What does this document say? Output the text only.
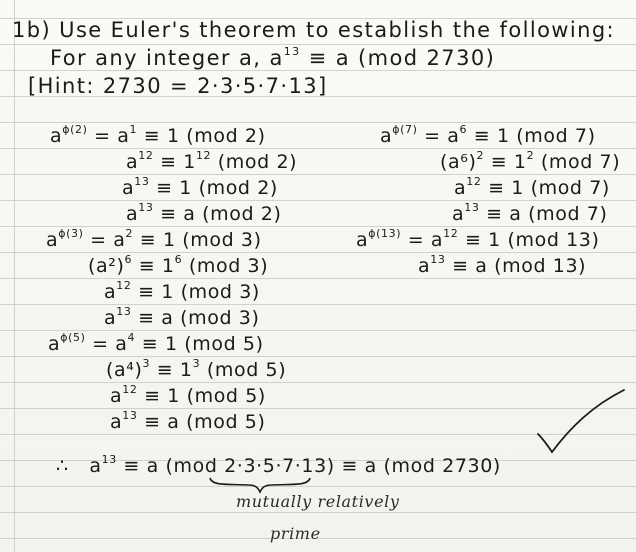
1b) Use Euler's theorem to establish the following:
For any integer a, $a^{13} \equiv a$ (mod 2730)
[Hint: 2730 = 2·3·5·7·13]
$a^{\phi(2)} = a^1 \equiv 1$ (mod 2)
$a^{12} \equiv 1^{12}$ (mod 2)
$a^{13} \equiv 1$ (mod 2)
$a^{13} \equiv a$ (mod 2)
$a^{\phi(3)} = a^2 \equiv 1$ (mod 3)
$(a^2)^6 \equiv 1^6$ (mod 3)
$a^{12} \equiv 1$ (mod 3)
$a^{13} \equiv a$ (mod 3)
$a^{\phi(5)} = a^4 \equiv 1$ (mod 5)
$(a^4)^3 \equiv 1^3$ (mod 5)
$a^{12} \equiv 1$ (mod 5)
$a^{13} \equiv a$ (mod 5)
$a^{\phi(7)} = a^6 \equiv 1$ (mod 7)
$(a^6)^2 \equiv 1^2$ (mod 7)
$a^{12} \equiv 1$ (mod 7)
$a^{13} \equiv a$ (mod 7)
$a^{\phi(13)} = a^{12} \equiv 1$ (mod 13)
$a^{13} \equiv a$ (mod 13)
∴ $a^{13} \equiv a$ (mod 2·3·5·7·13) ≡ a (mod 2730)
mutually relatively
prime
